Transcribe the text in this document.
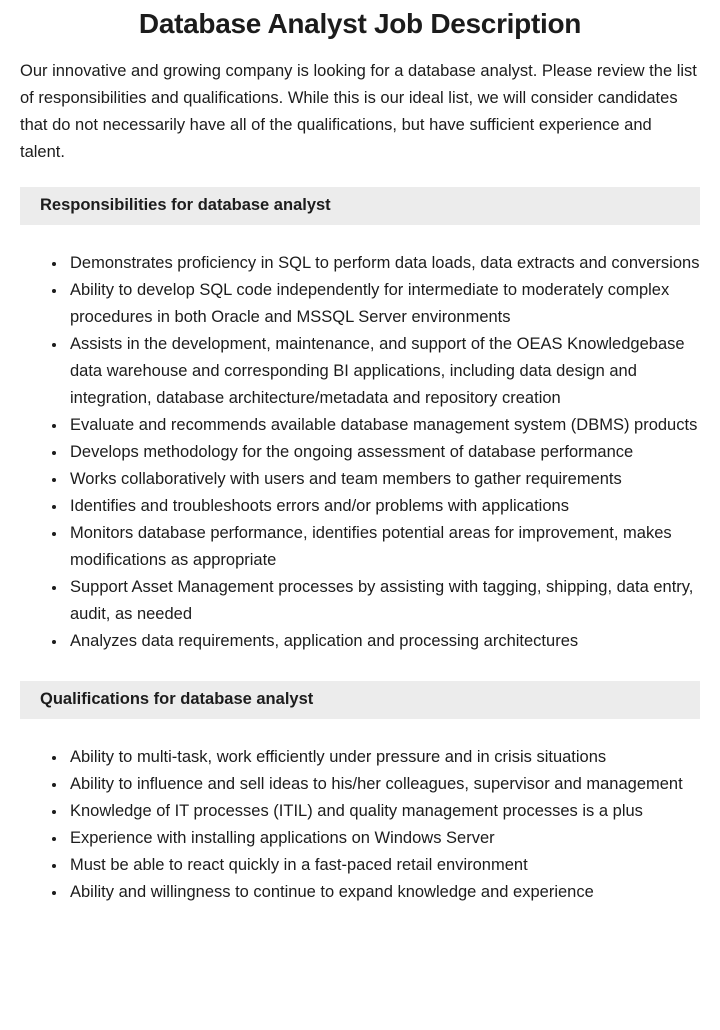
Database Analyst Job Description

Our innovative and growing company is looking for a database analyst. Please review the list of responsibilities and qualifications. While this is our ideal list, we will consider candidates that do not necessarily have all of the qualifications, but have sufficient experience and talent.

Responsibilities for database analyst
• Demonstrates proficiency in SQL to perform data loads, data extracts and conversions
• Ability to develop SQL code independently for intermediate to moderately complex procedures in both Oracle and MSSQL Server environments
• Assists in the development, maintenance, and support of the OEAS Knowledgebase data warehouse and corresponding BI applications, including data design and integration, database architecture/metadata and repository creation
• Evaluate and recommends available database management system (DBMS) products
• Develops methodology for the ongoing assessment of database performance
• Works collaboratively with users and team members to gather requirements
• Identifies and troubleshoots errors and/or problems with applications
• Monitors database performance, identifies potential areas for improvement, makes modifications as appropriate
• Support Asset Management processes by assisting with tagging, shipping, data entry, audit, as needed
• Analyzes data requirements, application and processing architectures
Qualifications for database analyst
• Ability to multi-task, work efficiently under pressure and in crisis situations
• Ability to influence and sell ideas to his/her colleagues, supervisor and management
• Knowledge of IT processes (ITIL) and quality management processes is a plus
• Experience with installing applications on Windows Server
• Must be able to react quickly in a fast-paced retail environment
• Ability and willingness to continue to expand knowledge and experience
